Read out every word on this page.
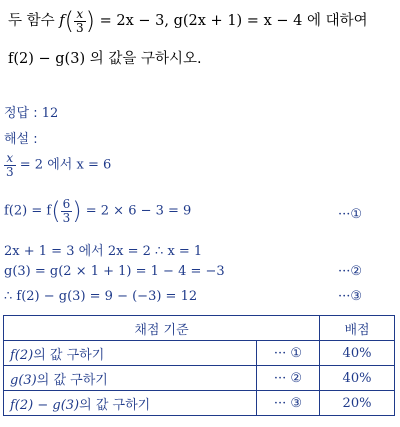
두 함수 $f( \frac{x}{3}$ ) = 2x − 3, g(2x + 1) = x − 4 에 대하여
f(2) − g(3) 의 값을 구하시오.
정답 : 12
해설 :
$\frac{x}{3} = 2$ 에서 x = 6
$f(2) = f( \frac{6}{3}$ ) = 2 × 6 − 3 = 9	···①
2x + 1 = 3 에서 2x = 2 ∴ x = 1
g(3) = g(2 × 1 + 1) = 1 − 4 = −3	···②
∴ f(2) − g(3) = 9 − (−3) = 12	···③
채점 기준		배점
f(2)의 값 구하기	··· ①	40%
g(3)의 값 구하기	··· ②	40%
f(2) − g(3)의 값 구하기	··· ③	20%
